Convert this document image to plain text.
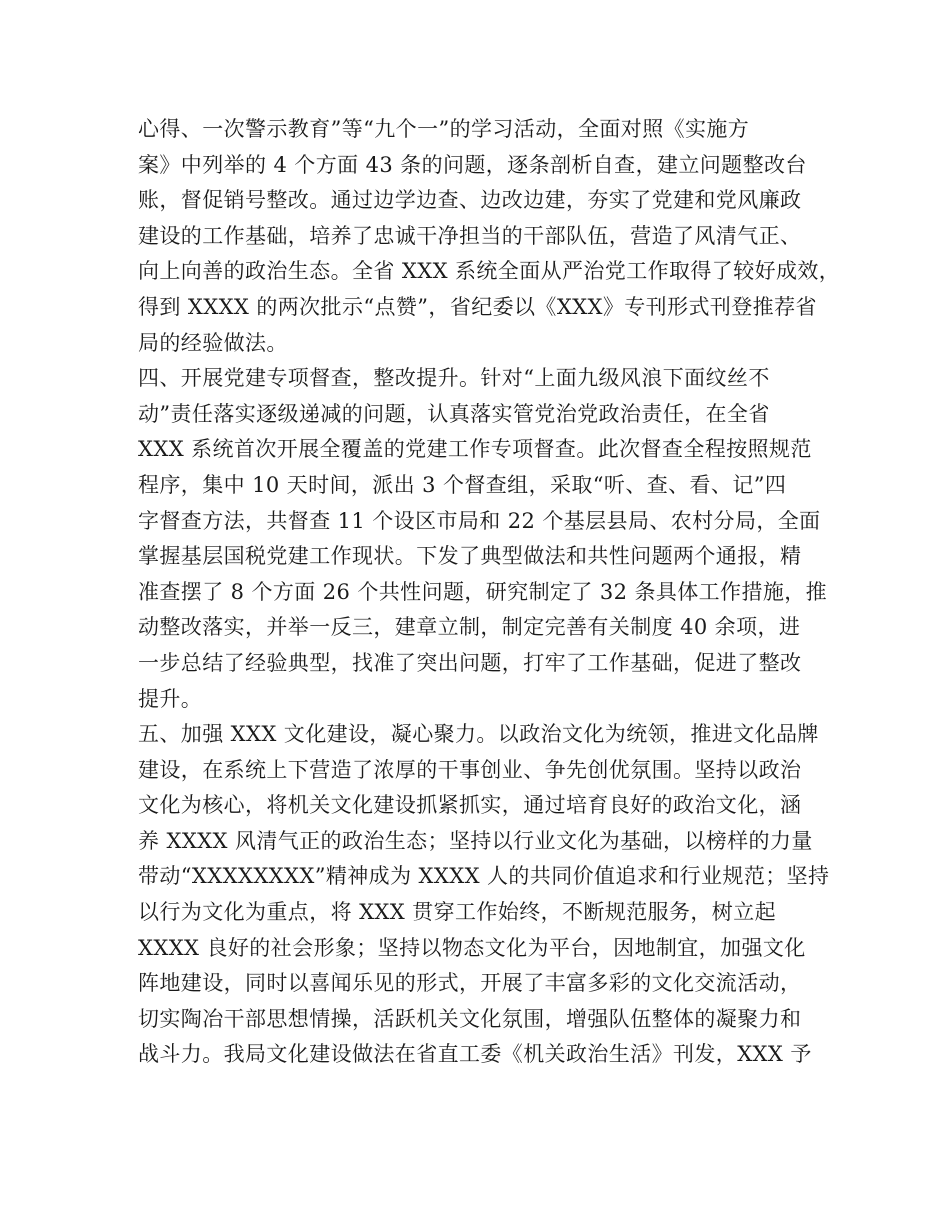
心得、一次警示教育”等“九个一”的学习活动，全面对照《实施方
案》中列举的 4 个方面 43 条的问题，逐条剖析自查，建立问题整改台
账，督促销号整改。通过边学边查、边改边建，夯实了党建和党风廉政
建设的工作基础，培养了忠诚干净担当的干部队伍，营造了风清气正、
向上向善的政治生态。全省 XXX 系统全面从严治党工作取得了较好成效，
得到 XXXX 的两次批示“点赞”，省纪委以《XXX》专刊形式刊登推荐省
局的经验做法。
四、开展党建专项督查，整改提升。针对“上面九级风浪下面纹丝不
动”责任落实逐级递减的问题，认真落实管党治党政治责任，在全省
XXX 系统首次开展全覆盖的党建工作专项督查。此次督查全程按照规范
程序，集中 10 天时间，派出 3 个督查组，采取“听、查、看、记”四
字督查方法，共督查 11 个设区市局和 22 个基层县局、农村分局，全面
掌握基层国税党建工作现状。下发了典型做法和共性问题两个通报，精
准查摆了 8 个方面 26 个共性问题，研究制定了 32 条具体工作措施，推
动整改落实，并举一反三，建章立制，制定完善有关制度 40 余项，进
一步总结了经验典型，找准了突出问题，打牢了工作基础，促进了整改
提升。
五、加强 XXX 文化建设，凝心聚力。以政治文化为统领，推进文化品牌
建设，在系统上下营造了浓厚的干事创业、争先创优氛围。坚持以政治
文化为核心，将机关文化建设抓紧抓实，通过培育良好的政治文化，涵
养 XXXX 风清气正的政治生态；坚持以行业文化为基础，以榜样的力量
带动“XXXXXXXX”精神成为 XXXX 人的共同价值追求和行业规范；坚持
以行为文化为重点，将 XXX 贯穿工作始终，不断规范服务，树立起
XXXX 良好的社会形象；坚持以物态文化为平台，因地制宜，加强文化
阵地建设，同时以喜闻乐见的形式，开展了丰富多彩的文化交流活动，
切实陶冶干部思想情操，活跃机关文化氛围，增强队伍整体的凝聚力和
战斗力。我局文化建设做法在省直工委《机关政治生活》刊发，XXX 予
